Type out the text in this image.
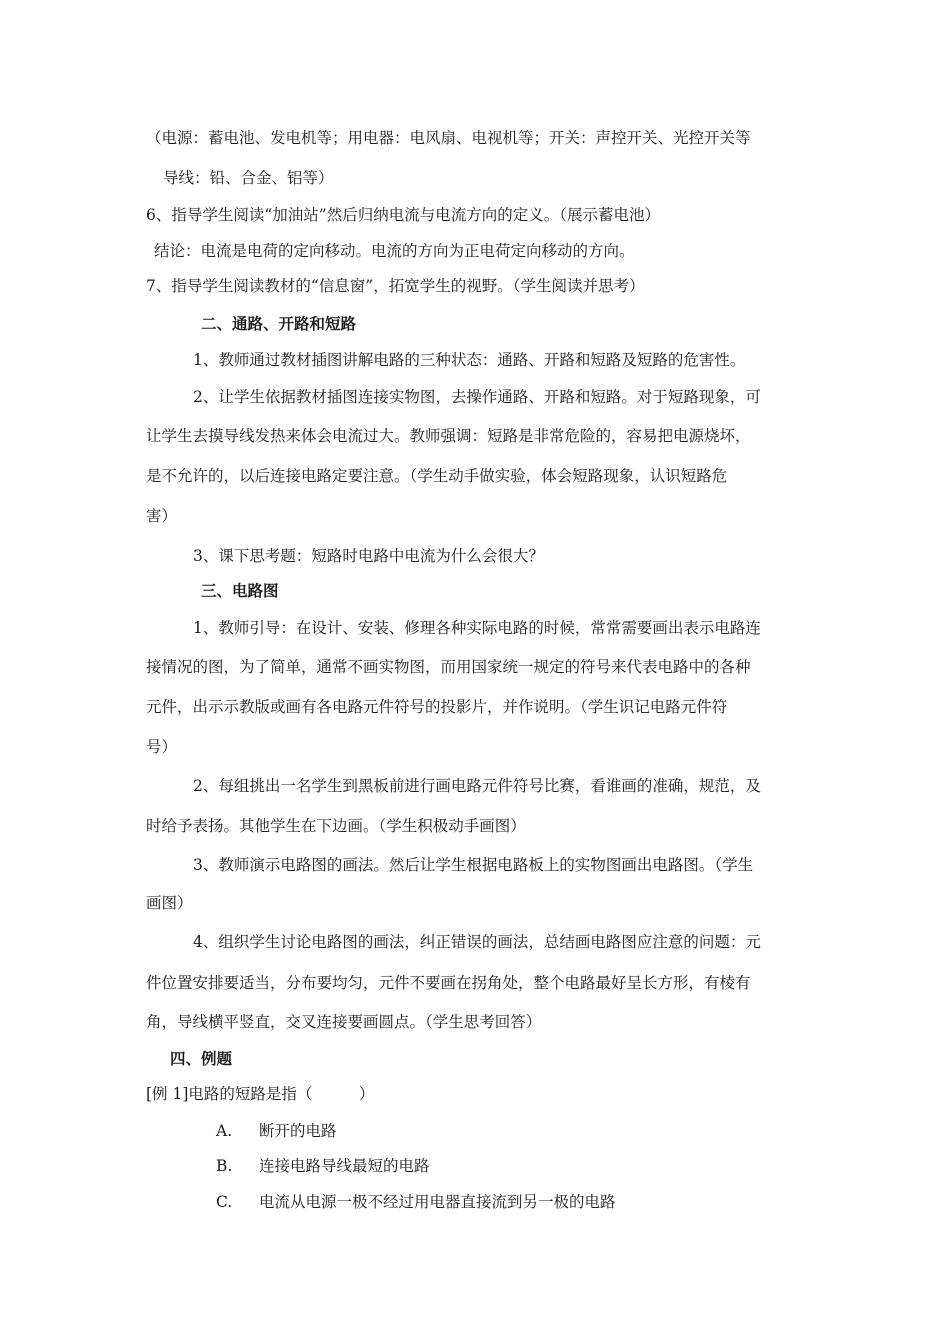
（电源：蓄电池、发电机等；用电器：电风扇、电视机等；开关：声控开关、光控开关等
导线：铅、合金、铝等）
6、指导学生阅读“加油站”然后归纳电流与电流方向的定义。（展示蓄电池）
结论：电流是电荷的定向移动。电流的方向为正电荷定向移动的方向。
7、指导学生阅读教材的“信息窗”，拓宽学生的视野。（学生阅读并思考）
二、通路、开路和短路
1、教师通过教材插图讲解电路的三种状态：通路、开路和短路及短路的危害性。
2、让学生依据教材插图连接实物图，去操作通路、开路和短路。对于短路现象，可
让学生去摸导线发热来体会电流过大。教师强调：短路是非常危险的，容易把电源烧坏，
是不允许的，以后连接电路定要注意。（学生动手做实验，体会短路现象，认识短路危
害）
3、课下思考题：短路时电路中电流为什么会很大？
三、电路图
1、教师引导：在设计、安装、修理各种实际电路的时候，常常需要画出表示电路连
接情况的图，为了简单，通常不画实物图，而用国家统一规定的符号来代表电路中的各种
元件，出示示教版或画有各电路元件符号的投影片，并作说明。（学生识记电路元件符
号）
2、每组挑出一名学生到黑板前进行画电路元件符号比赛，看谁画的准确，规范，及
时给予表扬。其他学生在下边画。（学生积极动手画图）
3、教师演示电路图的画法。然后让学生根据电路板上的实物图画出电路图。（学生
画图）
4、组织学生讨论电路图的画法，纠正错误的画法，总结画电路图应注意的问题：元
件位置安排要适当，分布要均匀，元件不要画在拐角处，整个电路最好呈长方形，有棱有
角，导线横平竖直，交叉连接要画圆点。（学生思考回答）
四、例题
[例 1]电路的短路是指（　　　）
A. 断开的电路
B. 连接电路导线最短的电路
C. 电流从电源一极不经过用电器直接流到另一极的电路
